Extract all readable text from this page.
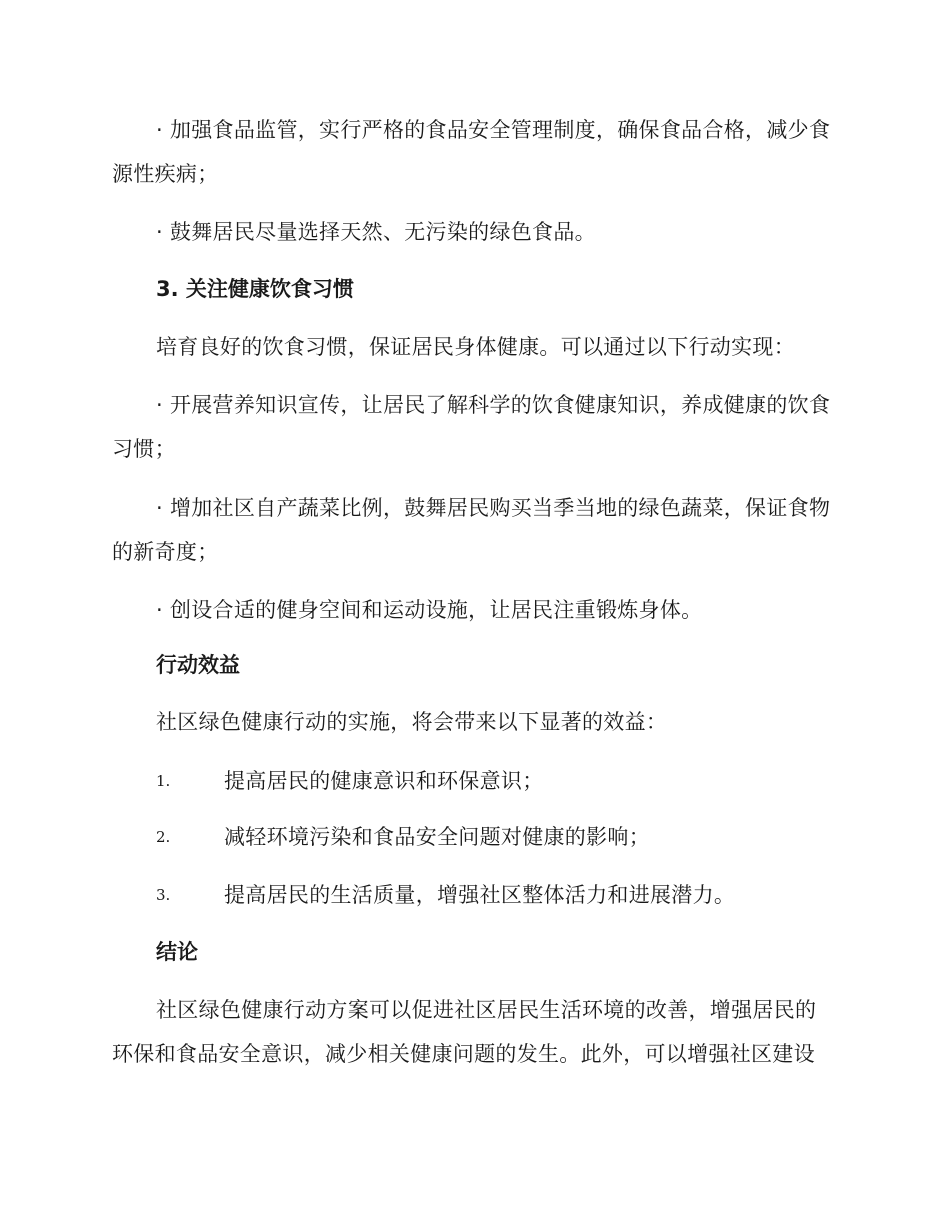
· 加强食品监管，实行严格的食品安全管理制度，确保食品合格，减少食源性疾病；

· 鼓舞居民尽量选择天然、无污染的绿色食品。

3. 关注健康饮食习惯

培育良好的饮食习惯，保证居民身体健康。可以通过以下行动实现：

· 开展营养知识宣传，让居民了解科学的饮食健康知识，养成健康的饮食习惯；

· 增加社区自产蔬菜比例，鼓舞居民购买当季当地的绿色蔬菜，保证食物的新奇度；

· 创设合适的健身空间和运动设施，让居民注重锻炼身体。

行动效益

社区绿色健康行动的实施，将会带来以下显著的效益：

1.	提高居民的健康意识和环保意识；
2.	减轻环境污染和食品安全问题对健康的影响；
3.	提高居民的生活质量，增强社区整体活力和进展潜力。
结论

社区绿色健康行动方案可以促进社区居民生活环境的改善，增强居民的环保和食品安全意识，减少相关健康问题的发生。此外，可以增强社区建设
